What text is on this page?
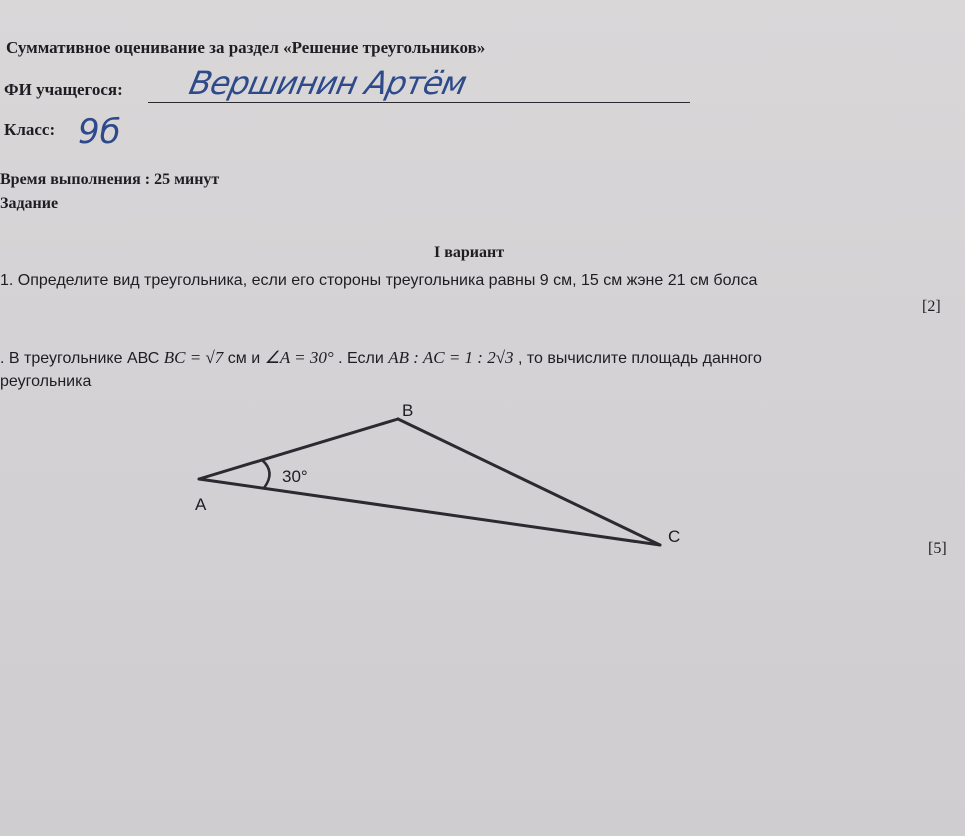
Суммативное оценивание за раздел «Решение треугольников»
ФИ учащегося: Вершинин Артём
Класс: 9б
Время выполнения : 25 минут
Задание
I вариант
1. Определите вид треугольника, если его стороны треугольника равны 9 см, 15 см жэне 21 см болса
[2]
. В треугольнике АВС BC = √7 см и ∠A = 30° . Если AB : AC = 1 : 2√3 , то вычислите площадь данного
реугольника
A
B
C
30°
[5]
